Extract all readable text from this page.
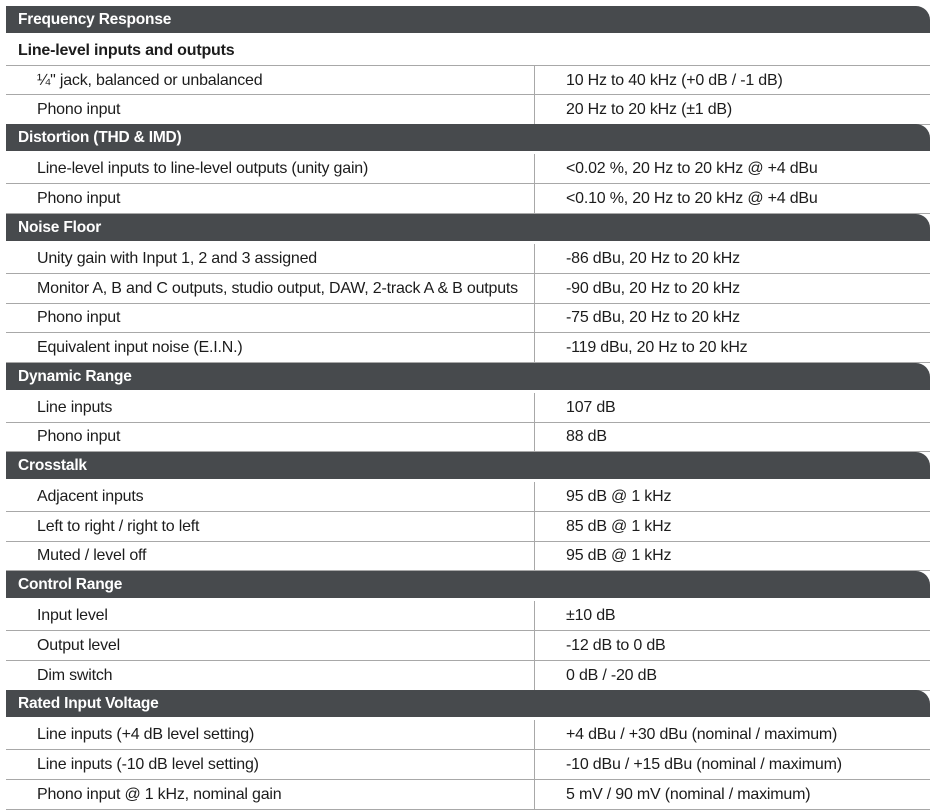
Frequency Response
Line-level inputs and outputs
¼" jack, balanced or unbalanced	10 Hz to 40 kHz (+0 dB / -1 dB)
Phono input	20 Hz to 20 kHz (±1 dB)
Distortion (THD & IMD)
Line-level inputs to line-level outputs (unity gain)	<0.02 %, 20 Hz to 20 kHz @ +4 dBu
Phono input	<0.10 %, 20 Hz to 20 kHz @ +4 dBu
Noise Floor
Unity gain with Input 1, 2 and 3 assigned	-86 dBu, 20 Hz to 20 kHz
Monitor A, B and C outputs, studio output, DAW, 2-track A & B outputs	-90 dBu, 20 Hz to 20 kHz
Phono input	-75 dBu, 20 Hz to 20 kHz
Equivalent input noise (E.I.N.)	-119 dBu, 20 Hz to 20 kHz
Dynamic Range
Line inputs	107 dB
Phono input	88 dB
Crosstalk
Adjacent inputs	95 dB @ 1 kHz
Left to right / right to left	85 dB @ 1 kHz
Muted / level off	95 dB @ 1 kHz
Control Range
Input level	±10 dB
Output level	-12 dB to 0 dB
Dim switch	0 dB / -20 dB
Rated Input Voltage
Line inputs (+4 dB level setting)	+4 dBu / +30 dBu (nominal / maximum)
Line inputs (-10 dB level setting)	-10 dBu / +15 dBu (nominal / maximum)
Phono input @ 1 kHz, nominal gain	5 mV / 90 mV (nominal / maximum)
